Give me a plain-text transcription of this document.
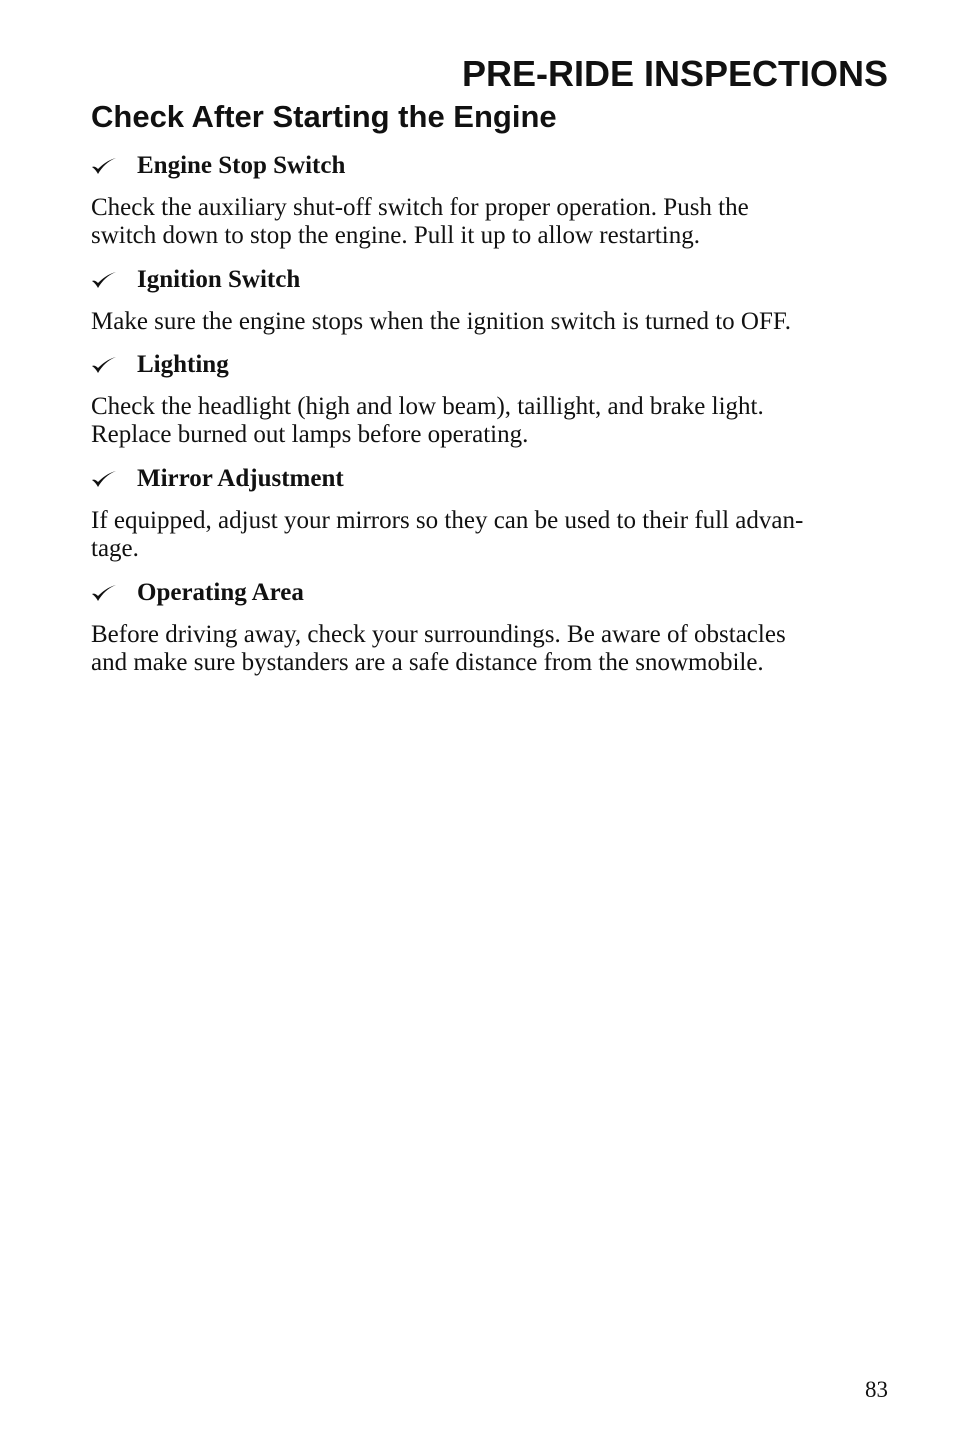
PRE-RIDE INSPECTIONS
Check After Starting the Engine
Engine Stop Switch
Check the auxiliary shut-off switch for proper operation. Push the
switch down to stop the engine. Pull it up to allow restarting.
Ignition Switch
Make sure the engine stops when the ignition switch is turned to OFF.
Lighting
Check the headlight (high and low beam), taillight, and brake light.
Replace burned out lamps before operating.
Mirror Adjustment
If equipped, adjust your mirrors so they can be used to their full advan-
tage.
Operating Area
Before driving away, check your surroundings. Be aware of obstacles
and make sure bystanders are a safe distance from the snowmobile.
83
